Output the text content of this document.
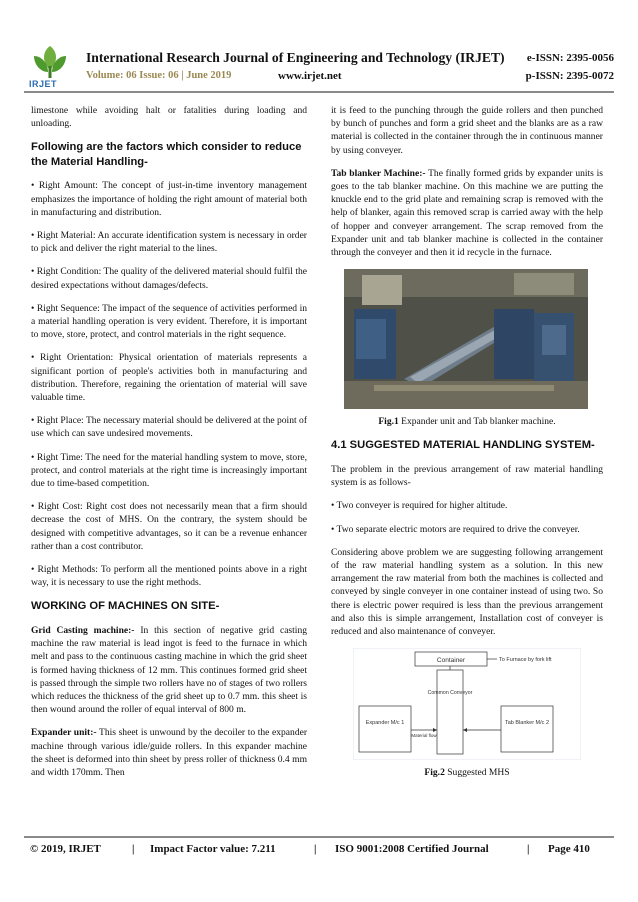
IRJET
International Research Journal of Engineering and Technology (IRJET) e-ISSN: 2395-0056
Volume: 06 Issue: 06 | June 2019	www.irjet.net	p-ISSN: 2395-0072

limestone while avoiding halt or fatalities during loading and unloading.

Following are the factors which consider to reduce the Material Handling-

• Right Amount: The concept of just-in-time inventory management emphasizes the importance of holding the right amount of material both in manufacturing and distribution.

• Right Material: An accurate identification system is necessary in order to pick and deliver the right material to the lines.

• Right Condition: The quality of the delivered material should fulfil the desired expectations without damages/defects.

• Right Sequence: The impact of the sequence of activities performed in a material handling operation is very evident. Therefore, it is important to move, store, protect, and control materials in the right sequence.

• Right Orientation: Physical orientation of materials represents a significant portion of people's activities both in manufacturing and distribution. Therefore, regaining the orientation of material will save valuable time.

• Right Place: The necessary material should be delivered at the point of use which can save undesired movements.

• Right Time: The need for the material handling system to move, store, protect, and control materials at the right time is increasingly important due to time-based competition.

• Right Cost: Right cost does not necessarily mean that a firm should decrease the cost of MHS. On the contrary, the system should be designed with competitive advantages, so it can be a revenue enhancer rather than a cost contributor.

• Right Methods: To perform all the mentioned points above in a right way, it is necessary to use the right methods.

WORKING OF MACHINES ON SITE-

Grid Casting machine:- In this section of negative grid casting machine the raw material is lead ingot is feed to the furnace in which melt and pass to the continuous casting machine in which the grid sheet is formed having thickness of 12 mm. This continues formed grid sheet is passed through the simple two rollers have no of stages of two rollers which reduces the thickness of the grid sheet up to 0.7 mm. this sheet is then wound around the roller of equal interval of 800 m.

Expander unit:- This sheet is unwound by the decoiler to the expander machine through various idle/guide rollers. In this expander machine the sheet is deformed into thin sheet by press roller of thickness 0.4 mm and width 170mm. Then

it is feed to the punching through the guide rollers and then punched by bunch of punches and form a grid sheet and the blanks are as a raw material is collected in the container through the in continuous manner by using conveyer.

Tab blanker Machine:- The finally formed grids by expander units is goes to the tab blanker machine. On this machine we are putting the knuckle end to the grid plate and remaining scrap is removed with the help of blanker, again this removed scrap is carried away with the help of hopper and conveyer arrangement. The scrap removed from the Expander unit and tab blanker machine is collected in the container through the conveyer and then it id recycle in the furnace.

Fig.1 Expander unit and Tab blanker machine.

4.1 SUGGESTED MATERIAL HANDLING SYSTEM-

The problem in the previous arrangement of raw material handling system is as follows-

• Two conveyer is required for higher altitude.

• Two separate electric motors are required to drive the conveyer.

Considering above problem we are suggesting following arrangement of the raw material handling system as a solution. In this new arrangement the raw material from both the machines is collected and conveyed by single conveyer in one container instead of using two. So there is electric power required is less than the previous arrangement and also this is simple arrangement, Installation cost of conveyer is reduced and also maintenance of conveyer.

Container	To Furnace by fork lift
Common Conveyor
Expander M/c 1	Tab Blanker M/c 2
Material flow

Fig.2 Suggested MHS

© 2019, IRJET	| Impact Factor value: 7.211	| ISO 9001:2008 Certified Journal	| Page 410
